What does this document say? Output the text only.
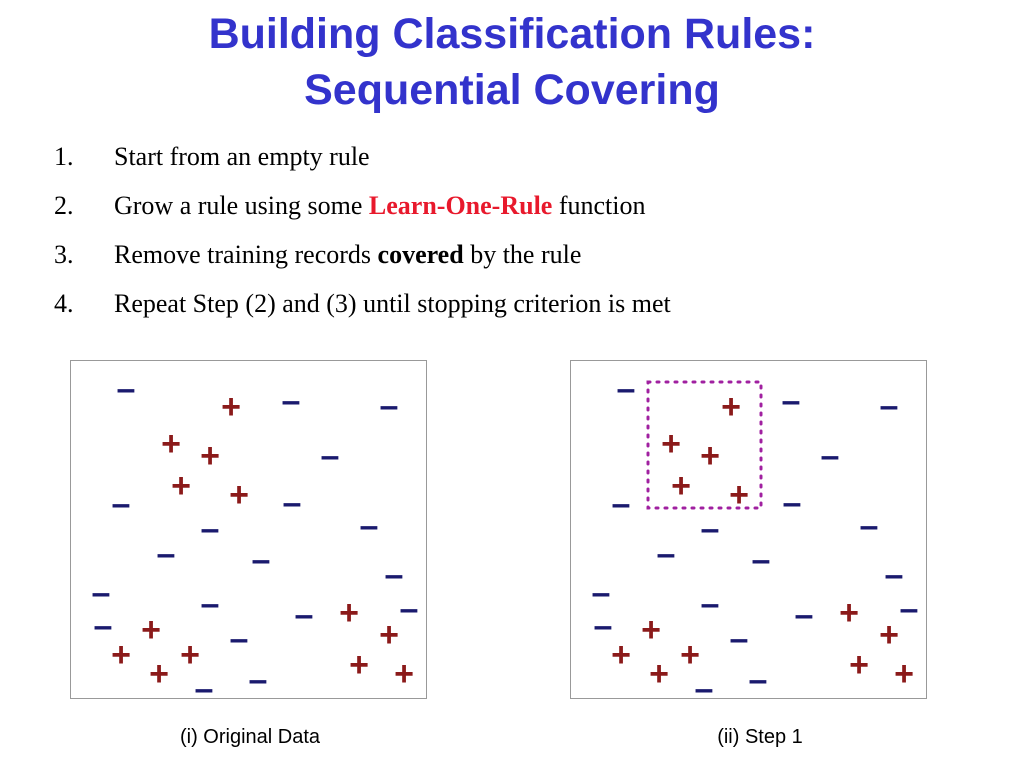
Building Classification Rules:
Sequential Covering
1.	Start from an empty rule
2.	Grow a rule using some Learn-One-Rule function
3.	Remove training records covered by the rule
4.	Repeat Step (2) and (3) until stopping criterion is met
–	+ – –
+ +	–
+ +
–	–
–	–
– –	–
–	– – + –
– + –	+
+ +
+	+ +
– –
–	+ – –
+ +	–
+ +
–	–
–	–
– –	–
–	– – + –
– + –	+
+ +
+	+ +
– –
(i) Original Data	(ii) Step 1
